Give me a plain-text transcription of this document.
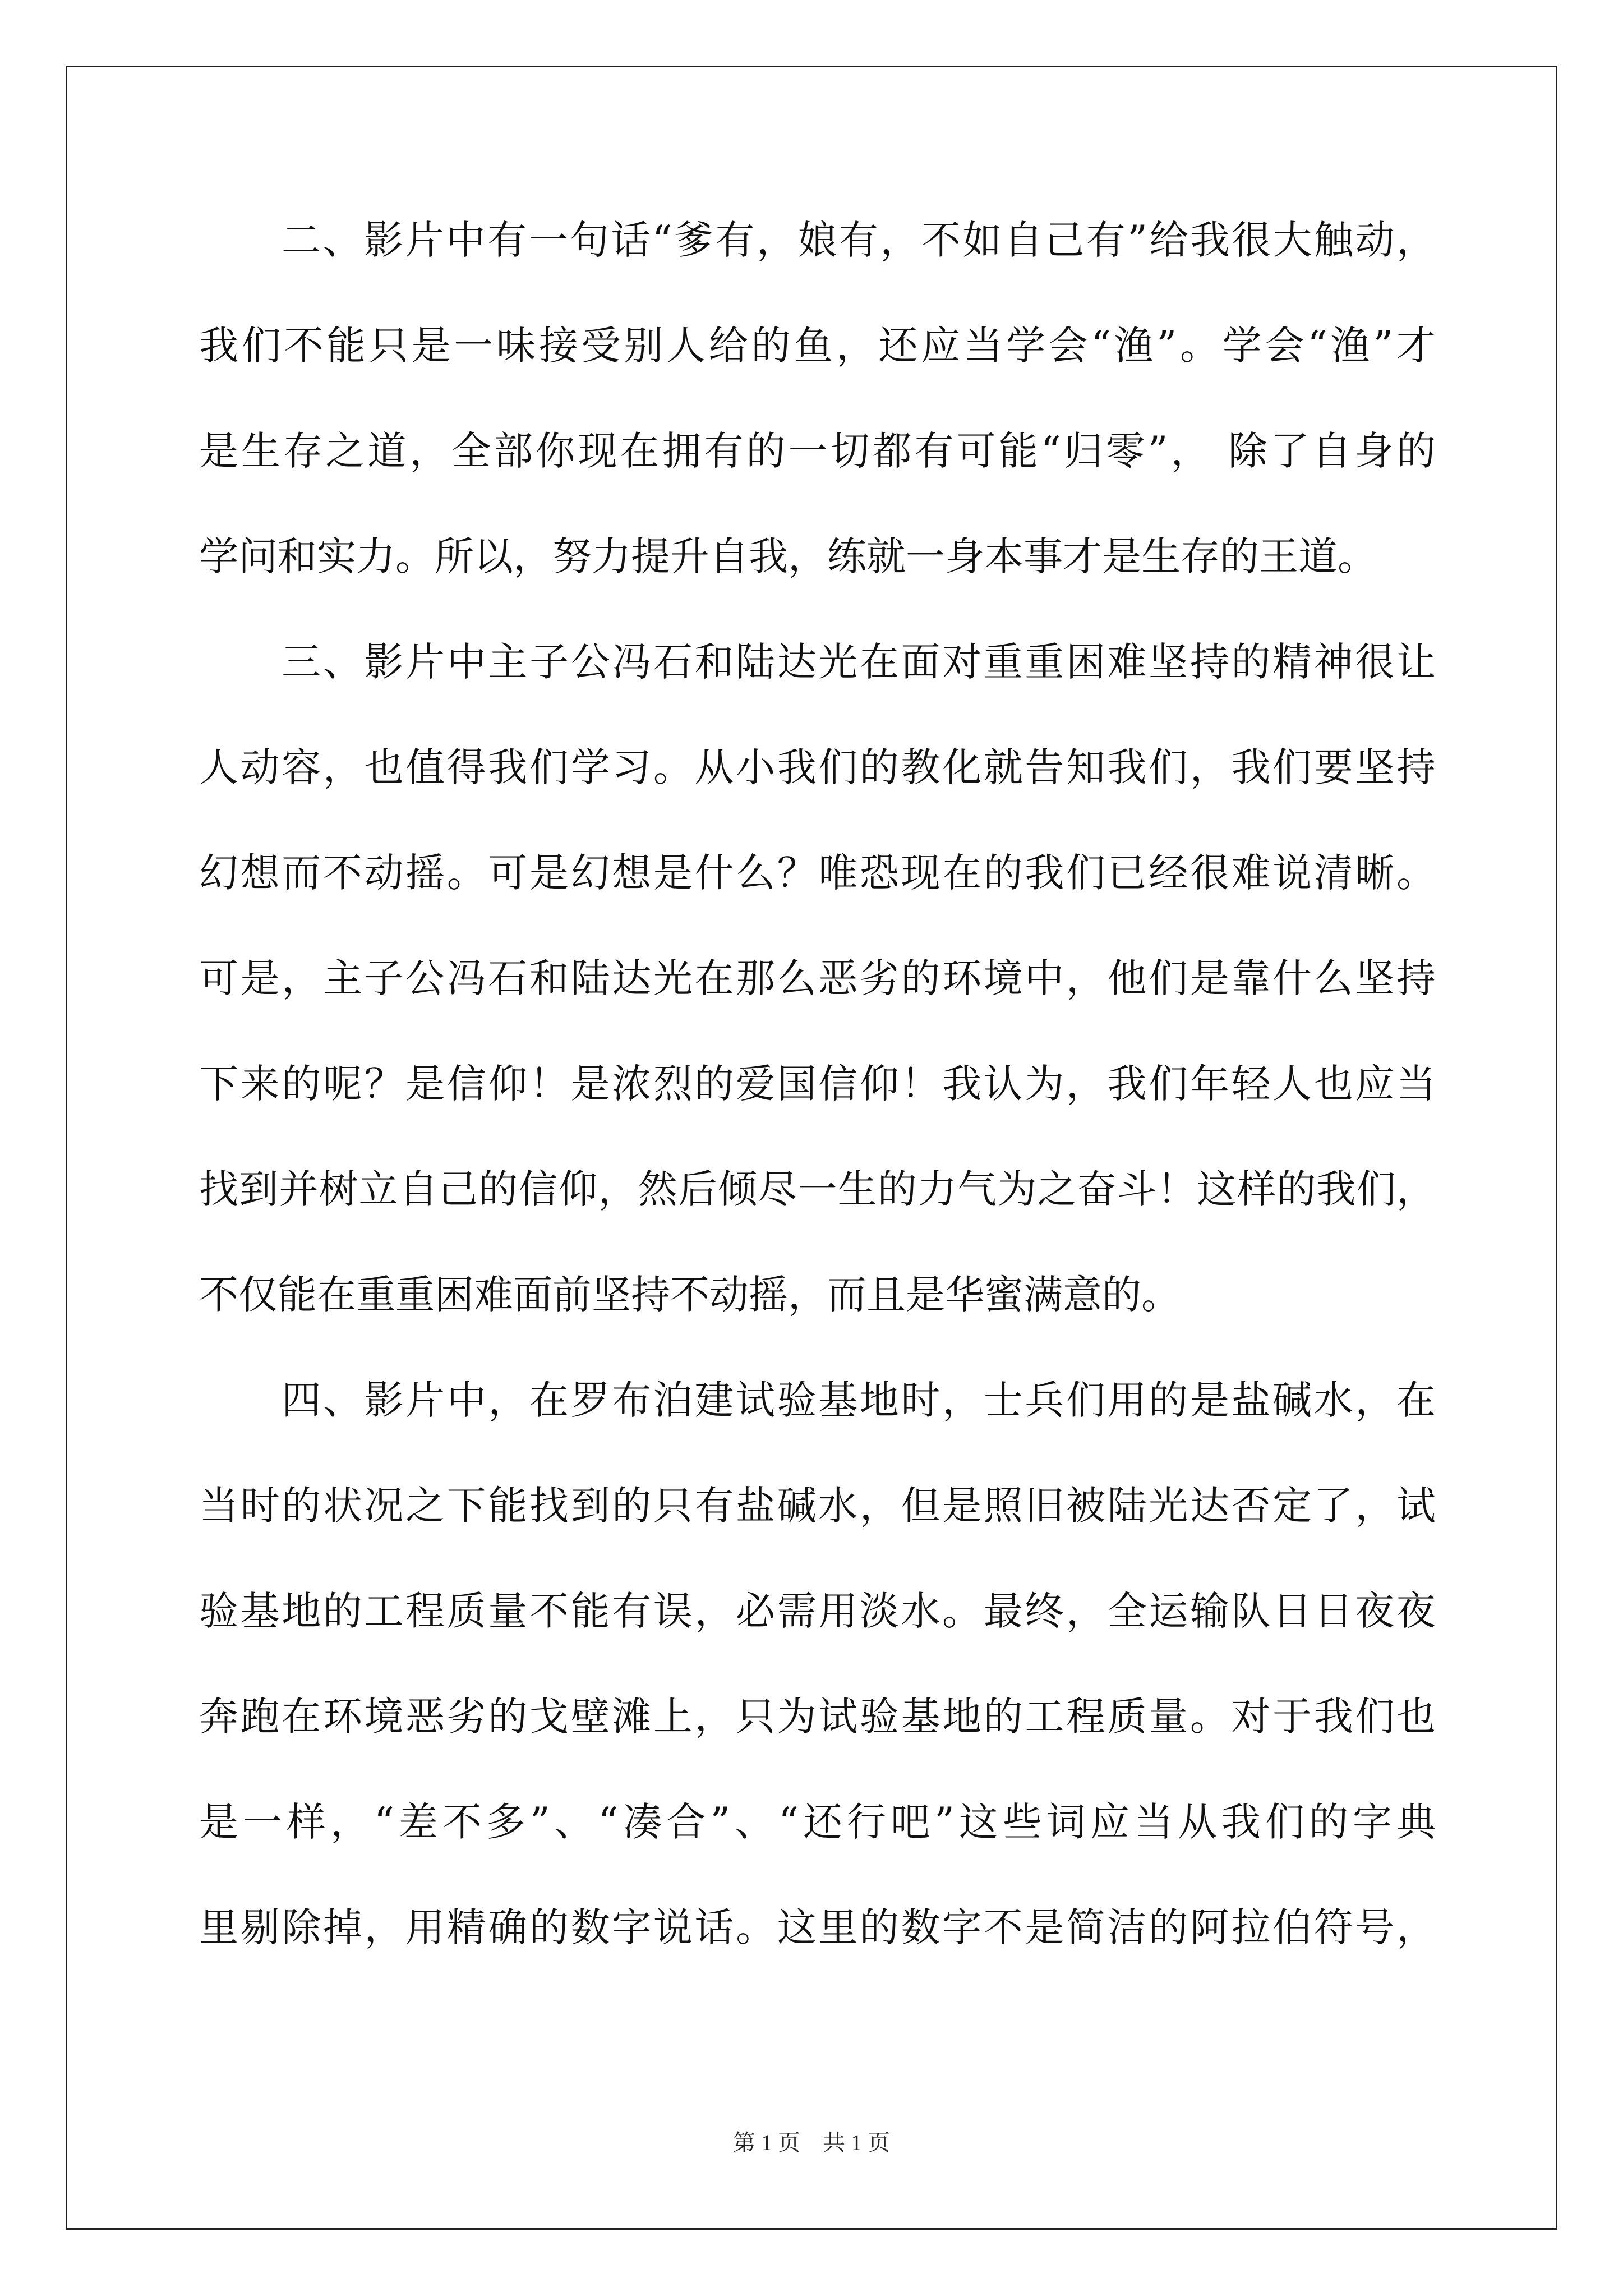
　　二、影片中有一句话“爹有，娘有，不如自己有”给我很大触动，
我们不能只是一味接受别人给的鱼，还应当学会“渔”。学会“渔”才
是生存之道，全部你现在拥有的一切都有可能“归零”， 除了自身的
学问和实力。所以，努力提升自我，练就一身本事才是生存的王道。
　　三、影片中主子公冯石和陆达光在面对重重困难坚持的精神很让
人动容，也值得我们学习。从小我们的教化就告知我们，我们要坚持
幻想而不动摇。可是幻想是什么？唯恐现在的我们已经很难说清晰。
可是，主子公冯石和陆达光在那么恶劣的环境中，他们是靠什么坚持
下来的呢？是信仰！是浓烈的爱国信仰！我认为，我们年轻人也应当
找到并树立自己的信仰，然后倾尽一生的力气为之奋斗！这样的我们，
不仅能在重重困难面前坚持不动摇，而且是华蜜满意的。
　　四、影片中，在罗布泊建试验基地时，士兵们用的是盐碱水，在
当时的状况之下能找到的只有盐碱水，但是照旧被陆光达否定了，试
验基地的工程质量不能有误，必需用淡水。最终，全运输队日日夜夜
奔跑在环境恶劣的戈壁滩上，只为试验基地的工程质量。对于我们也
是一样，“差不多”、“凑合”、“还行吧”这些词应当从我们的字典
里剔除掉，用精确的数字说话。这里的数字不是简洁的阿拉伯符号，
第 1 页　共 1 页
